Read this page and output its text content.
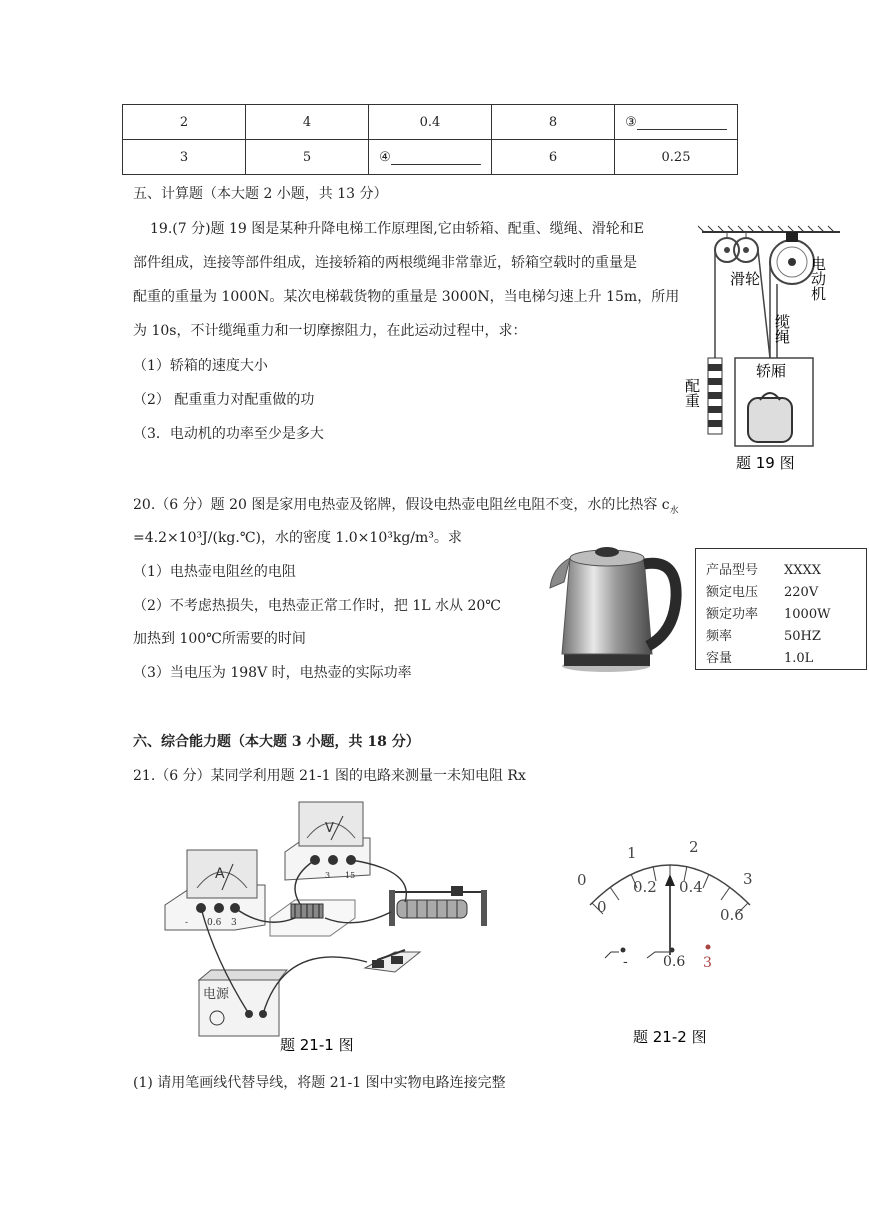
2	4	0.4	8	③
3	5	④	6	0.25
五、计算题（本大题 2 小题，共 13 分）
19.(7 分)题 19 图是某种升降电梯工作原理图,它由轿箱、配重、缆绳、滑轮和E
部件组成，连接等部件组成，连接轿箱的两根缆绳非常靠近，轿箱空载时的重量是
配重的重量为 1000N。某次电梯载货物的重量是 3000N，当电梯匀速上升 15m，所用
为 10s，不计缆绳重力和一切摩擦阻力，在此运动过程中，求：
（1）轿箱的速度大小
（2） 配重重力对配重做的功
（3．电动机的功率至少是多大
滑轮	电动机
缆绳
轿厢
配重
题 19 图
20.（6 分）题 20 图是家用电热壶及铭牌，假设电热壶电阻丝电阻不变，水的比热容 $c_水$
=4.2×10³J/(kg.℃)，水的密度 1.0×10³kg/m³。求
（1）电热壶电阻丝的电阻
（2）不考虑热损失，电热壶正常工作时，把 1L 水从 20℃
加热到 100℃所需要的时间
（3）当电压为 198V 时，电热壶的实际功率
产品型号 XXXX
额定电压 220V
额定功率 1000W
频率	50HZ
容量	1.0L
六、综合能力题（本大题 3 小题，共 18 分）
21.（6 分）某同学利用题 21-1 图的电路来测量一未知电阻 Rx
A
- 0.6 3
V
3 15
电源
题 21-1 图
0
1	2
3
0
0.2 0.4
0.6
-	0.6 3
题 21-2 图
(1) 请用笔画线代替导线，将题 21-1 图中实物电路连接完整
